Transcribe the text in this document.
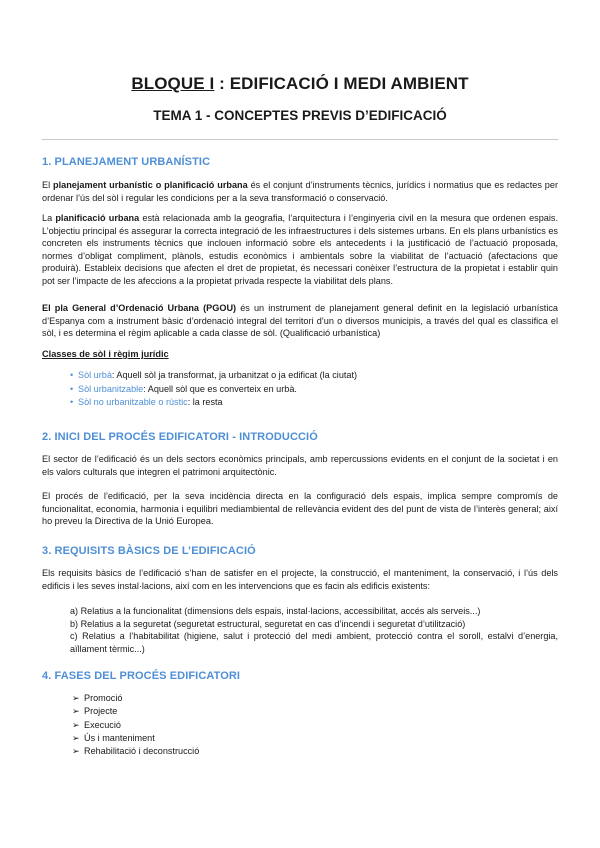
BLOQUE I : EDIFICACIÓ I MEDI AMBIENT
TEMA 1 - CONCEPTES PREVIS D’EDIFICACIÓ
1. PLANEJAMENT URBANÍSTIC

El planejament urbanístic o planificació urbana és el conjunt d’instruments tècnics, jurídics i normatius que es redactes per ordenar l’ús del sòl i regular les condicions per a la seva transformació o conservació.

La planificació urbana està relacionada amb la geografia, l’arquitectura i l’enginyeria civil en la mesura que ordenen espais. L’objectiu principal és assegurar la correcta integració de les infraestructures i dels sistemes urbans. En els plans urbanístics es concreten els instruments tècnics que inclouen informació sobre els antecedents i la justificació de l’actuació proposada, normes d’obligat compliment, plànols, estudis econòmics i ambientals sobre la viabilitat de l’actuació (afectacions que produirà). Estableix decisions que afecten el dret de propietat, és necessari conèixer l’estructura de la propietat i establir quin pot ser l’impacte de les afeccions a la propietat privada respecte la viabilitat dels plans.

El pla General d’Ordenació Urbana (PGOU) és un instrument de planejament general definit en la legislació urbanística d’Espanya com a instrument bàsic d’ordenació integral del territori d’un o diversos municipis, a través del qual es classifica el sòl, i es determina el règim aplicable a cada classe de sòl. (Qualificació urbanística)

Classes de sòl i règim jurídic
• Sòl urbà: Aquell sòl ja transformat, ja urbanitzat o ja edificat (la ciutat)
• Sòl urbanitzable: Aquell sòl que es converteix en urbà.
• Sòl no urbanitzable o rústic: la resta
2. INICI DEL PROCÉS EDIFICATORI - INTRODUCCIÓ

El sector de l’edificació és un dels sectors econòmics principals, amb repercussions evidents en el conjunt de la societat i en els valors culturals que integren el patrimoni arquitectònic.

El procés de l’edificació, per la seva incidència directa en la configuració dels espais, implica sempre compromís de funcionalitat, economia, harmonia i equilibri mediambiental de rellevància evident des del punt de vista de l’interès general; així ho preveu la Directiva de la Unió Europea.

3. REQUISITS BÀSICS DE L’EDIFICACIÓ

Els requisits bàsics de l’edificació s’han de satisfer en el projecte, la construcció, el manteniment, la conservació, i l’ús dels edificis i les seves instal·lacions, així com en les intervencions que es facin als edificis existents:

a) Relatius a la funcionalitat (dimensions dels espais, instal·lacions, accessibilitat, accés als serveis...)
b) Relatius a la seguretat (seguretat estructural, seguretat en cas d’incendi i seguretat d’utilització)
c) Relatius a l’habitabilitat (higiene, salut i protecció del medi ambient, protecció contra el soroll, estalvi d’energia, aïllament tèrmic...)
4. FASES DEL PROCÉS EDIFICATORI
➢ Promoció
➢ Projecte
➢ Execució
➢ Ús i manteniment
➢ Rehabilitació i deconstrucció
